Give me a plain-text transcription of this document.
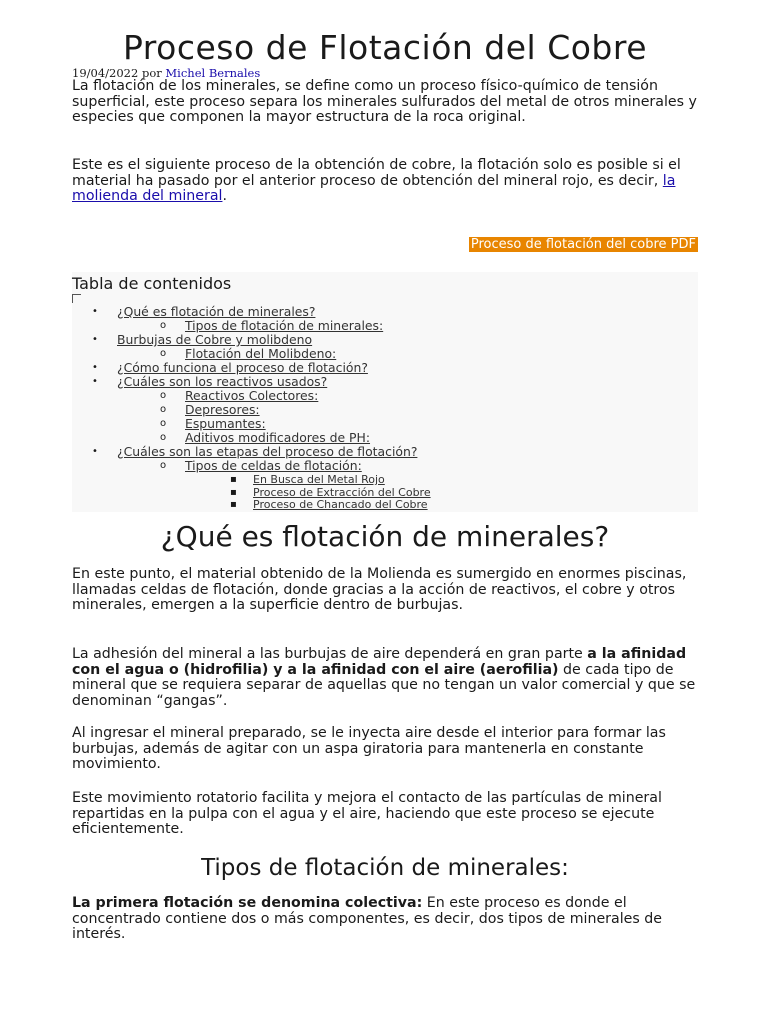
Proceso de Flotación del Cobre
19/04/2022 por Michel Bernales

La flotación de los minerales, se define como un proceso físico-químico de tensión superficial, este proceso separa los minerales sulfurados del metal de otros minerales y especies que componen la mayor estructura de la roca original.

Este es el siguiente proceso de la obtención de cobre, la flotación solo es posible si el material ha pasado por el anterior proceso de obtención del mineral rojo, es decir, la molienda del mineral.

Proceso de flotación del cobre PDF
Tabla de contenidos
• ¿Qué es flotación de minerales?
o Tipos de flotación de minerales:
• Burbujas de Cobre y molibdeno
o Flotación del Molibdeno:
• ¿Cómo funciona el proceso de flotación?
• ¿Cuáles son los reactivos usados?
o Reactivos Colectores:
o Depresores:
o Espumantes:
o Aditivos modificadores de PH:
• ¿Cuáles son las etapas del proceso de flotación?
o Tipos de celdas de flotación:
▪ En Busca del Metal Rojo
▪ Proceso de Extracción del Cobre
▪ Proceso de Chancado del Cobre
¿Qué es flotación de minerales?

En este punto, el material obtenido de la Molienda es sumergido en enormes piscinas, llamadas celdas de flotación, donde gracias a la acción de reactivos, el cobre y otros minerales, emergen a la superficie dentro de burbujas.

La adhesión del mineral a las burbujas de aire dependerá en gran parte a la afinidad con el agua o (hidrofilia) y a la afinidad con el aire (aerofilia) de cada tipo de mineral que se requiera separar de aquellas que no tengan un valor comercial y que se denominan “gangas”.

Al ingresar el mineral preparado, se le inyecta aire desde el interior para formar las burbujas, además de agitar con un aspa giratoria para mantenerla en constante movimiento.

Este movimiento rotatorio facilita y mejora el contacto de las partículas de mineral repartidas en la pulpa con el agua y el aire, haciendo que este proceso se ejecute eficientemente.

Tipos de flotación de minerales:

La primera flotación se denomina colectiva: En este proceso es donde el concentrado contiene dos o más componentes, es decir, dos tipos de minerales de interés.
